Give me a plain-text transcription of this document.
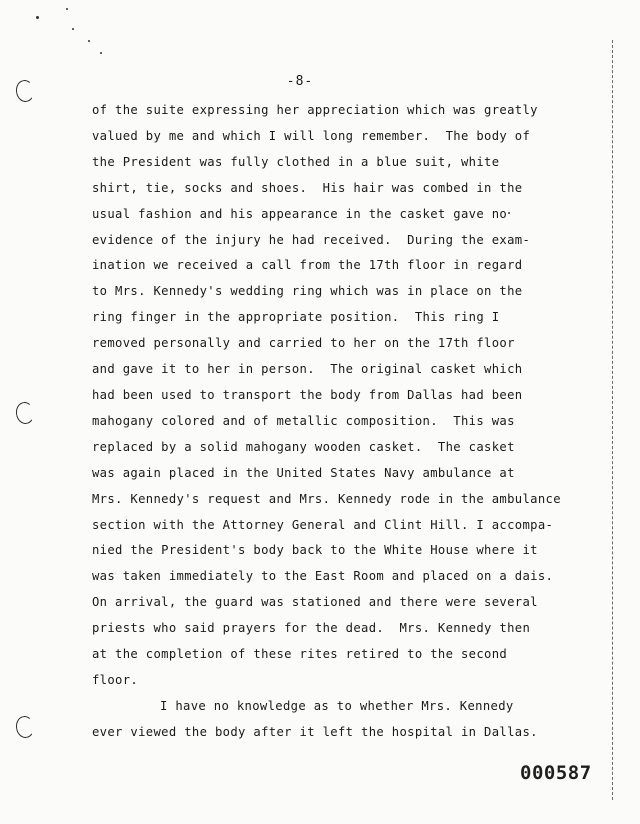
-8-
of the suite expressing her appreciation which was greatly
valued by me and which I will long remember.  The body of
the President was fully clothed in a blue suit, white
shirt, tie, socks and shoes.  His hair was combed in the
usual fashion and his appearance in the casket gave no
evidence of the injury he had received.  During the exam-
ination we received a call from the 17th floor in regard
to Mrs. Kennedy's wedding ring which was in place on the
ring finger in the appropriate position.  This ring I
removed personally and carried to her on the 17th floor
and gave it to her in person.  The original casket which
had been used to transport the body from Dallas had been
mahogany colored and of metallic composition.  This was
replaced by a solid mahogany wooden casket.  The casket
was again placed in the United States Navy ambulance at
Mrs. Kennedy's request and Mrs. Kennedy rode in the ambulance
section with the Attorney General and Clint Hill. I accompa-
nied the President's body back to the White House where it
was taken immediately to the East Room and placed on a dais.
On arrival, the guard was stationed and there were several
priests who said prayers for the dead.  Mrs. Kennedy then
at the completion of these rites retired to the second
floor.
I have no knowledge as to whether Mrs. Kennedy
ever viewed the body after it left the hospital in Dallas.
000587
